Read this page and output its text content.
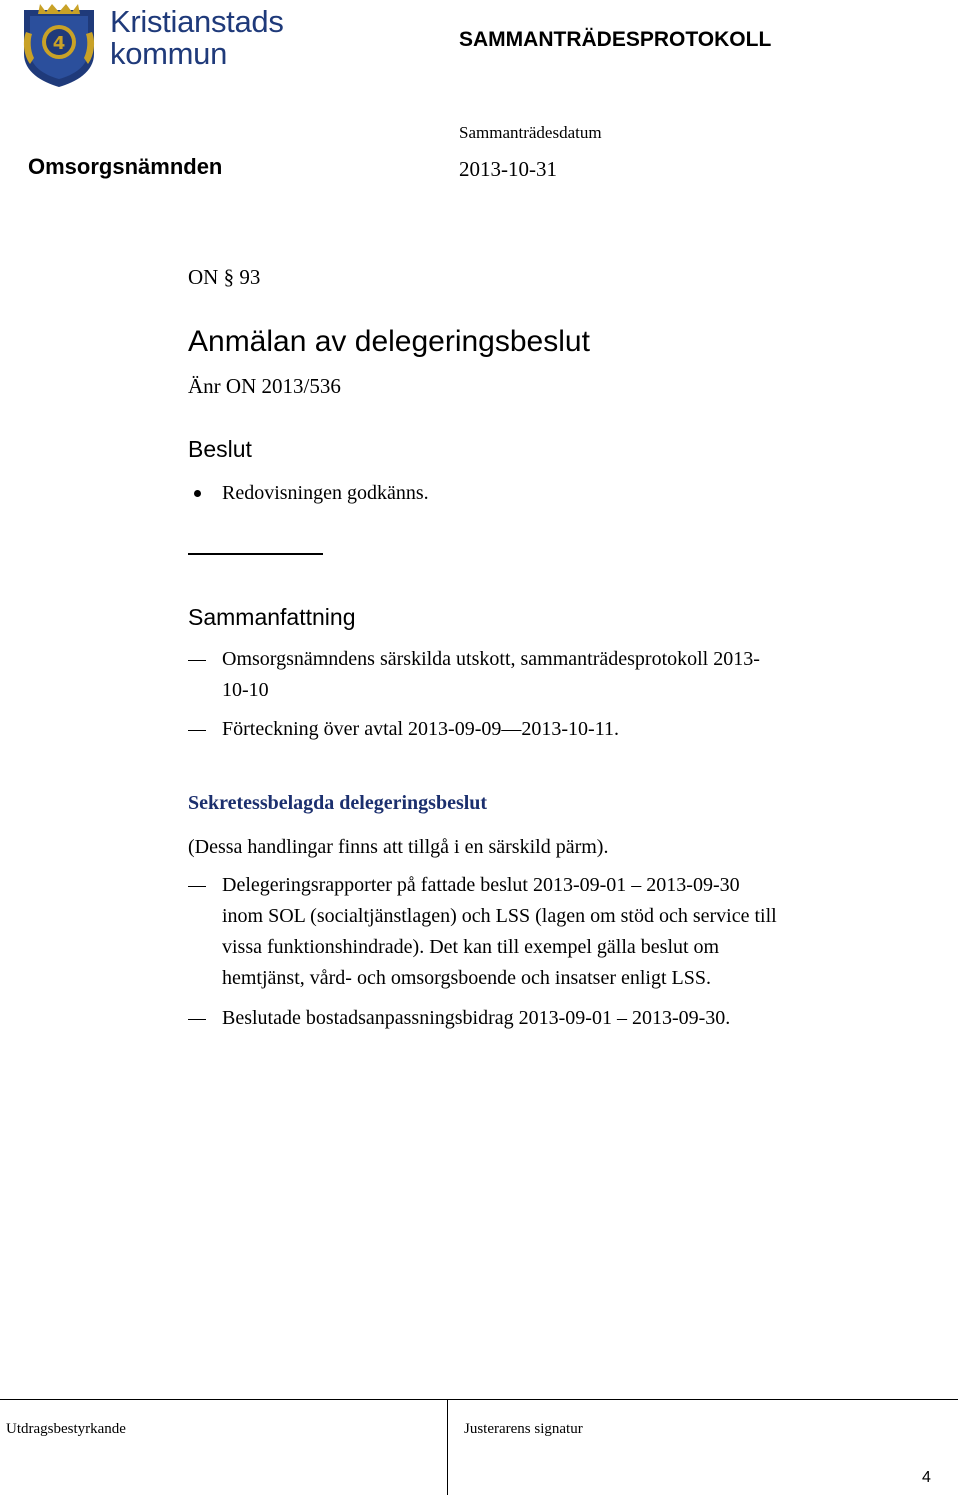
4
Kristianstads
kommun	SAMMANTRÄDESPROTOKOLL
Sammanträdesdatum
2013-10-31
Omsorgsnämnden
ON § 93
Anmälan av delegeringsbeslut
Änr ON 2013/536
Beslut
Redovisningen godkänns.
Sammanfattning
Omsorgsnämndens särskilda utskott, sammanträdesprotokoll 2013-
10-10
Förteckning över avtal 2013-09-09—2013-10-11.
Sekretessbelagda delegeringsbeslut
(Dessa handlingar finns att tillgå i en särskild pärm).
Delegeringsrapporter på fattade beslut 2013-09-01 – 2013-09-30
inom SOL (socialtjänstlagen) och LSS (lagen om stöd och service till
vissa funktionshindrade). Det kan till exempel gälla beslut om
hemtjänst, vård- och omsorgsboende och insatser enligt LSS.
Beslutade bostadsanpassningsbidrag 2013-09-01 – 2013-09-30.
Utdragsbestyrkande	Justerarens signatur
4
